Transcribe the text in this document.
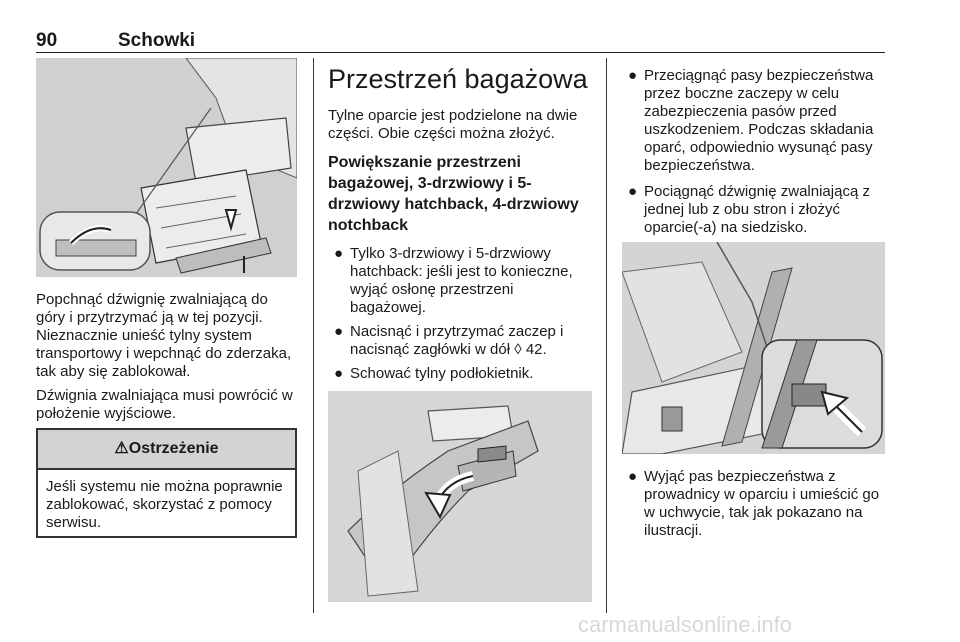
90	Schowki

Popchnąć dźwignię zwalniającą do góry i przytrzymać ją w tej pozycji. Nieznacznie unieść tylny system transportowy i wepchnąć do zderzaka, tak aby się zablokował.

Dźwignia zwalniająca musi powrócić w położenie wyjściowe.

⚠Ostrzeżenie
Jeśli systemu nie można poprawnie zablokować, skorzystać z pomocy serwisu.
Przestrzeń bagażowa

Tylne oparcie jest podzielone na dwie części. Obie części można złożyć.

Powiększanie przestrzeni bagażowej, 3-drzwiowy i 5-drzwiowy hatchback, 4-drzwiowy notchback
● Tylko 3-drzwiowy i 5-drzwiowy hatchback: jeśli jest to konieczne, wyjąć osłonę przestrzeni bagażowej.
● Nacisnąć i przytrzymać zaczep i nacisnąć zagłówki w dół ◊ 42.
● Schować tylny podłokietnik.
● Przeciągnąć pasy bezpieczeństwa przez boczne zaczepy w celu zabezpieczenia pasów przed uszkodzeniem. Podczas składania oparć, odpowiednio wysunąć pasy bezpieczeństwa.
● Pociągnąć dźwignię zwalniającą z jednej lub z obu stron i złożyć oparcie(-a) na siedzisko.
● Wyjąć pas bezpieczeństwa z prowadnicy w oparciu i umieścić go w uchwycie, tak jak pokazano na ilustracji.
carmanualsonline.info
